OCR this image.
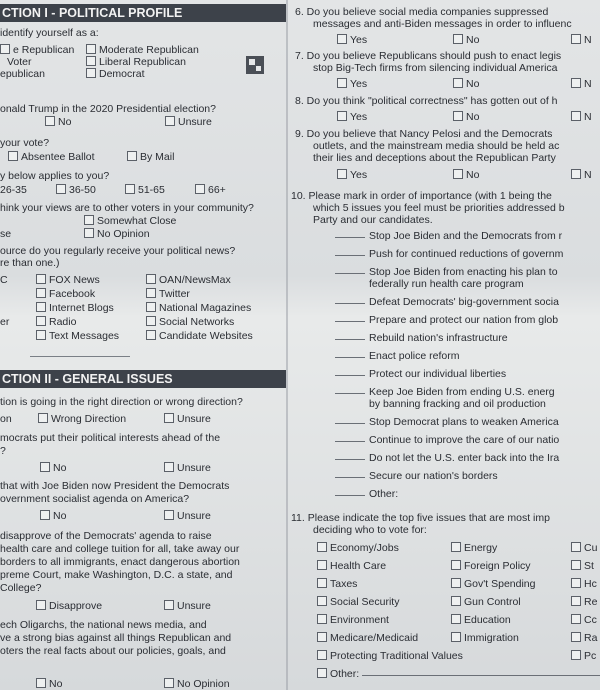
CTION I - POLITICAL PROFILE
identify yourself as a:
e Republican	Moderate Republican
Voter	Liberal Republican
epublican	Democrat
onald Trump in the 2020 Presidential election?
No	Unsure
your vote?
Absentee Ballot	By Mail
y below applies to you?
26-35	36-50	51-65	66+
hink your views are to other voters in your community?
Somewhat Close
se	No Opinion
ource do you regularly receive your political news?
re than one.)
C	FOX News	OAN/NewsMax
Facebook	Twitter
Internet Blogs	National Magazines
er	Radio	Social Networks
Text Messages	Candidate Websites
CTION II - GENERAL ISSUES
tion is going in the right direction or wrong direction?
on	Wrong Direction	Unsure
mocrats put their political interests ahead of the
?
No	Unsure
that with Joe Biden now President the Democrats
overnment socialist agenda on America?
No	Unsure
disapprove of the Democrats' agenda to raise
health care and college tuition for all, take away our
borders to all immigrants, enact dangerous abortion
preme Court, make Washington, D.C. a state, and
College?
Disapprove	Unsure
ech Oligarchs, the national news media, and
ve a strong bias against all things Republican and
oters the real facts about our policies, goals, and
No	No Opinion
6. Do you believe social media companies suppressed
messages and anti-Biden messages in order to influenc
Yes	No	N
7. Do you believe Republicans should push to enact legis
stop Big-Tech firms from silencing individual America
Yes	No	N
8. Do you think "political correctness" has gotten out of h
Yes	No	N
9. Do you believe that Nancy Pelosi and the Democrats
outlets, and the mainstream media should be held ac
their lies and deceptions about the Republican Party
Yes	No	N
10. Please mark in order of importance (with 1 being the
which 5 issues you feel must be priorities addressed b
Party and our candidates.
Stop Joe Biden and the Democrats from r
Push for continued reductions of governm
Stop Joe Biden from enacting his plan to
federally run health care program
Defeat Democrats' big-government socia
Prepare and protect our nation from glob
Rebuild nation's infrastructure
Enact police reform
Protect our individual liberties
Keep Joe Biden from ending U.S. energ
by banning fracking and oil production
Stop Democrat plans to weaken America
Continue to improve the care of our natio
Do not let the U.S. enter back into the Ira
Secure our nation's borders
Other:
11. Please indicate the top five issues that are most imp
deciding who to vote for:
Economy/Jobs	Energy	Cu
Health Care	Foreign Policy	St
Taxes	Gov't Spending	Hc
Social Security	Gun Control	Re
Environment	Education	Cc
Medicare/Medicaid	Immigration	Ra
Protecting Traditional Values	Pc
Other:
